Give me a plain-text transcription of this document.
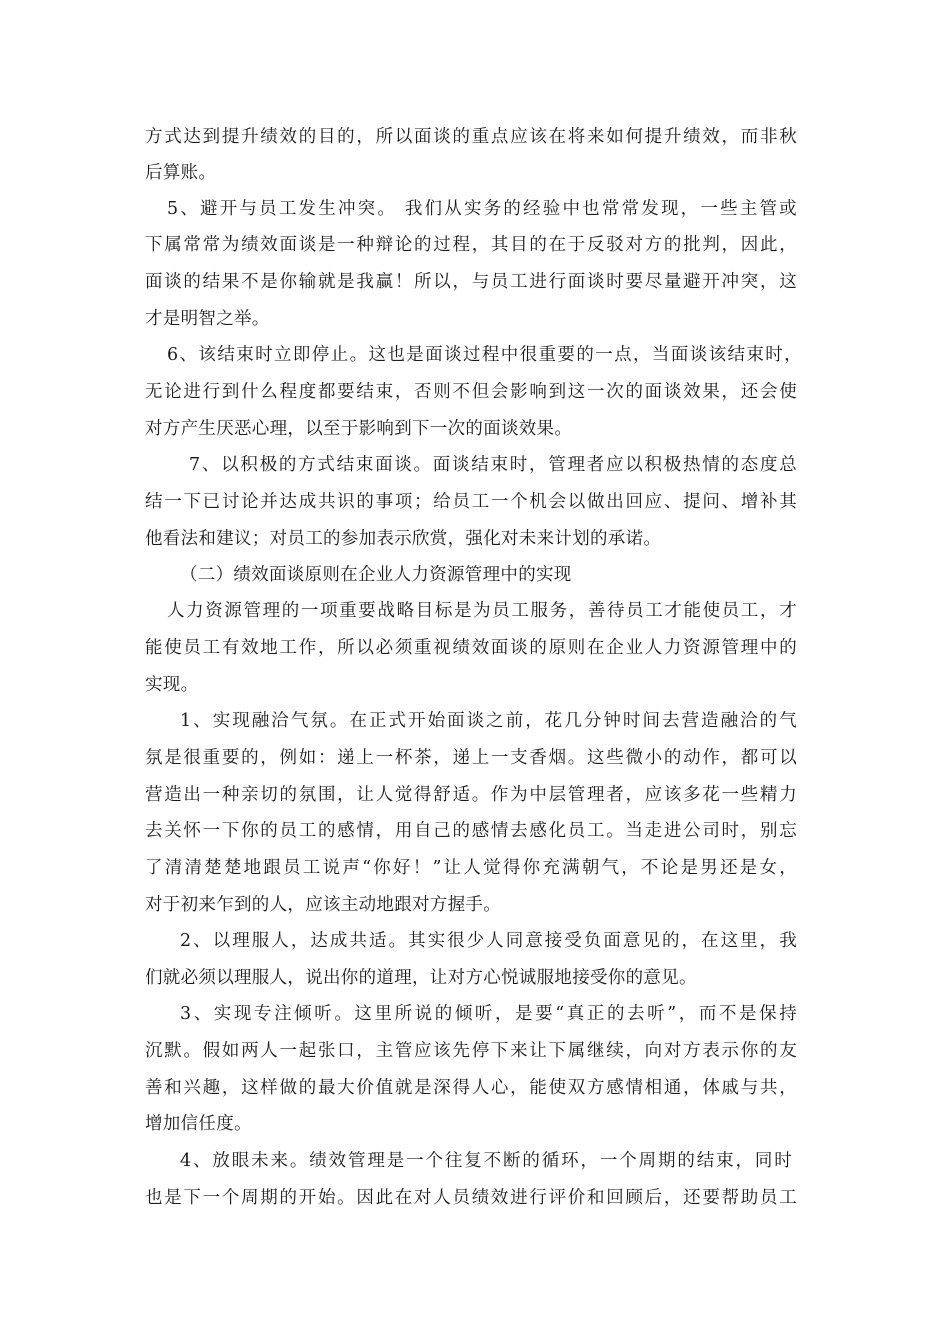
方式达到提升绩效的目的，所以面谈的重点应该在将来如何提升绩效，而非秋
后算账。
5、避开与员工发生冲突。 我们从实务的经验中也常常发现，一些主管或
下属常常为绩效面谈是一种辩论的过程，其目的在于反驳对方的批判，因此，
面谈的结果不是你输就是我赢！所以，与员工进行面谈时要尽量避开冲突，这
才是明智之举。
6、该结束时立即停止。这也是面谈过程中很重要的一点，当面谈该结束时，
无论进行到什么程度都要结束，否则不但会影响到这一次的面谈效果，还会使
对方产生厌恶心理，以至于影响到下一次的面谈效果。
7、以积极的方式结束面谈。面谈结束时，管理者应以积极热情的态度总
结一下已讨论并达成共识的事项；给员工一个机会以做出回应、提问、增补其
他看法和建议；对员工的参加表示欣赏，强化对未来计划的承诺。
（二）绩效面谈原则在企业人力资源管理中的实现
人力资源管理的一项重要战略目标是为员工服务，善待员工才能使员工，才
能使员工有效地工作，所以必须重视绩效面谈的原则在企业人力资源管理中的
实现。
1、实现融洽气氛。在正式开始面谈之前，花几分钟时间去营造融洽的气
氛是很重要的，例如：递上一杯茶，递上一支香烟。这些微小的动作，都可以
营造出一种亲切的氛围，让人觉得舒适。作为中层管理者，应该多花一些精力
去关怀一下你的员工的感情，用自己的感情去感化员工。当走进公司时，别忘
了清清楚楚地跟员工说声“你好！”让人觉得你充满朝气，不论是男还是女，
对于初来乍到的人，应该主动地跟对方握手。
2、以理服人，达成共适。其实很少人同意接受负面意见的，在这里，我
们就必须以理服人，说出你的道理，让对方心悦诚服地接受你的意见。
3、实现专注倾听。这里所说的倾听，是要“真正的去听”，而不是保持
沉默。假如两人一起张口，主管应该先停下来让下属继续，向对方表示你的友
善和兴趣，这样做的最大价值就是深得人心，能使双方感情相通，体戚与共，
增加信任度。
4、放眼未来。绩效管理是一个往复不断的循环，一个周期的结束，同时
也是下一个周期的开始。因此在对人员绩效进行评价和回顾后，还要帮助员工
